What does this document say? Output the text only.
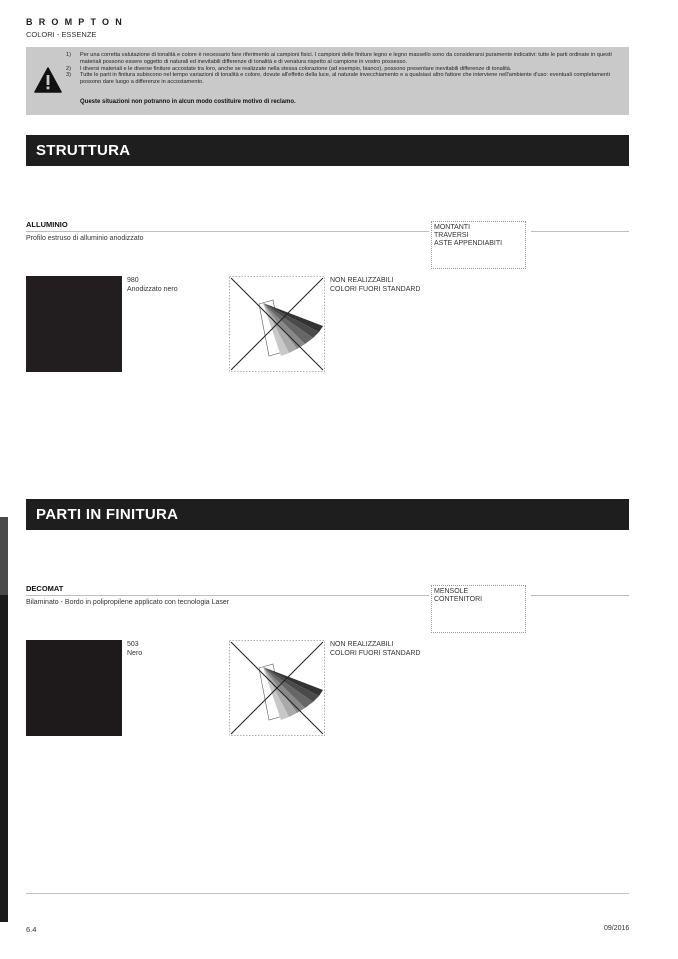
BROMPTON
COLORI - ESSENZE
1) Per una corretta valutazione di tonalità e colore è necessario fare riferimento ai campioni fisici. I campioni delle finiture legno e legno massello sono da considerarsi puramente indicativi: tutte le parti ordinate in questi materiali possono essere oggetto di naturali ed inevitabili differenze di tonalità e di venatura rispetto al campione in vostro possesso.
2) I diversi materiali e le diverse finiture accostate tra loro, anche se realizzate nella stessa colorazione (ad esempio, bianco), possono presentare inevitabili differenze di tonalità.
3) Tutte le parti in finitura subiscono nel tempo variazioni di tonalità e colore, dovute all'effetto della luce, al naturale invecchiamento e a qualsiasi altro fattore che interviene nell'ambiente d'uso: eventuali completamenti possono dare luogo a differenze in accostamento.
Queste situazioni non potranno in alcun modo costituire motivo di reclamo.
STRUTTURA
ALLUMINIO
Profilo estruso di alluminio anodizzato
MONTANTI
TRAVERSI
ASTE APPENDIABITI
980
Anodizzato nero
NON REALIZZABILI
COLORI FUORI STANDARD
PARTI IN FINITURA
DECOMAT
Bilaminato - Bordo in polipropilene applicato con tecnologia Laser
MENSOLE
CONTENITORI
503
Nero
NON REALIZZABILI
COLORI FUORI STANDARD
6.4	09/2016
